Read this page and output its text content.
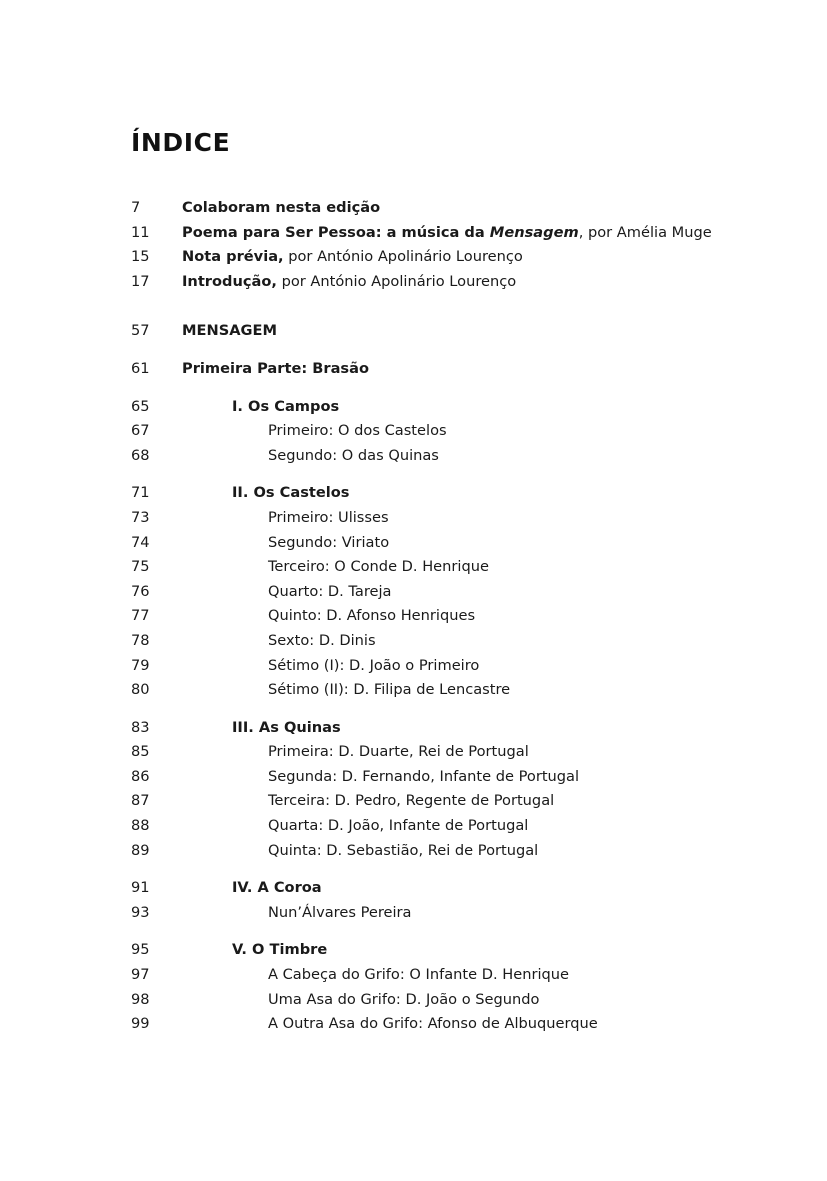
ÍNDICE
7	Colaboram nesta edição
11	Poema para Ser Pessoa: a música da Mensagem, por Amélia Muge
15	Nota prévia, por António Apolinário Lourenço
17	Introdução, por António Apolinário Lourenço
57	MENSAGEM
61	Primeira Parte: Brasão
65	I. Os Campos
67	Primeiro: O dos Castelos
68	Segundo: O das Quinas
71	II. Os Castelos
73	Primeiro: Ulisses
74	Segundo: Viriato
75	Terceiro: O Conde D. Henrique
76	Quarto: D. Tareja
77	Quinto: D. Afonso Henriques
78	Sexto: D. Dinis
79	Sétimo (I): D. João o Primeiro
80	Sétimo (II): D. Filipa de Lencastre
83	III. As Quinas
85	Primeira: D. Duarte, Rei de Portugal
86	Segunda: D. Fernando, Infante de Portugal
87	Terceira: D. Pedro, Regente de Portugal
88	Quarta: D. João, Infante de Portugal
89	Quinta: D. Sebastião, Rei de Portugal
91	IV. A Coroa
93	Nun’Álvares Pereira
95	V. O Timbre
97	A Cabeça do Grifo: O Infante D. Henrique
98	Uma Asa do Grifo: D. João o Segundo
99	A Outra Asa do Grifo: Afonso de Albuquerque
